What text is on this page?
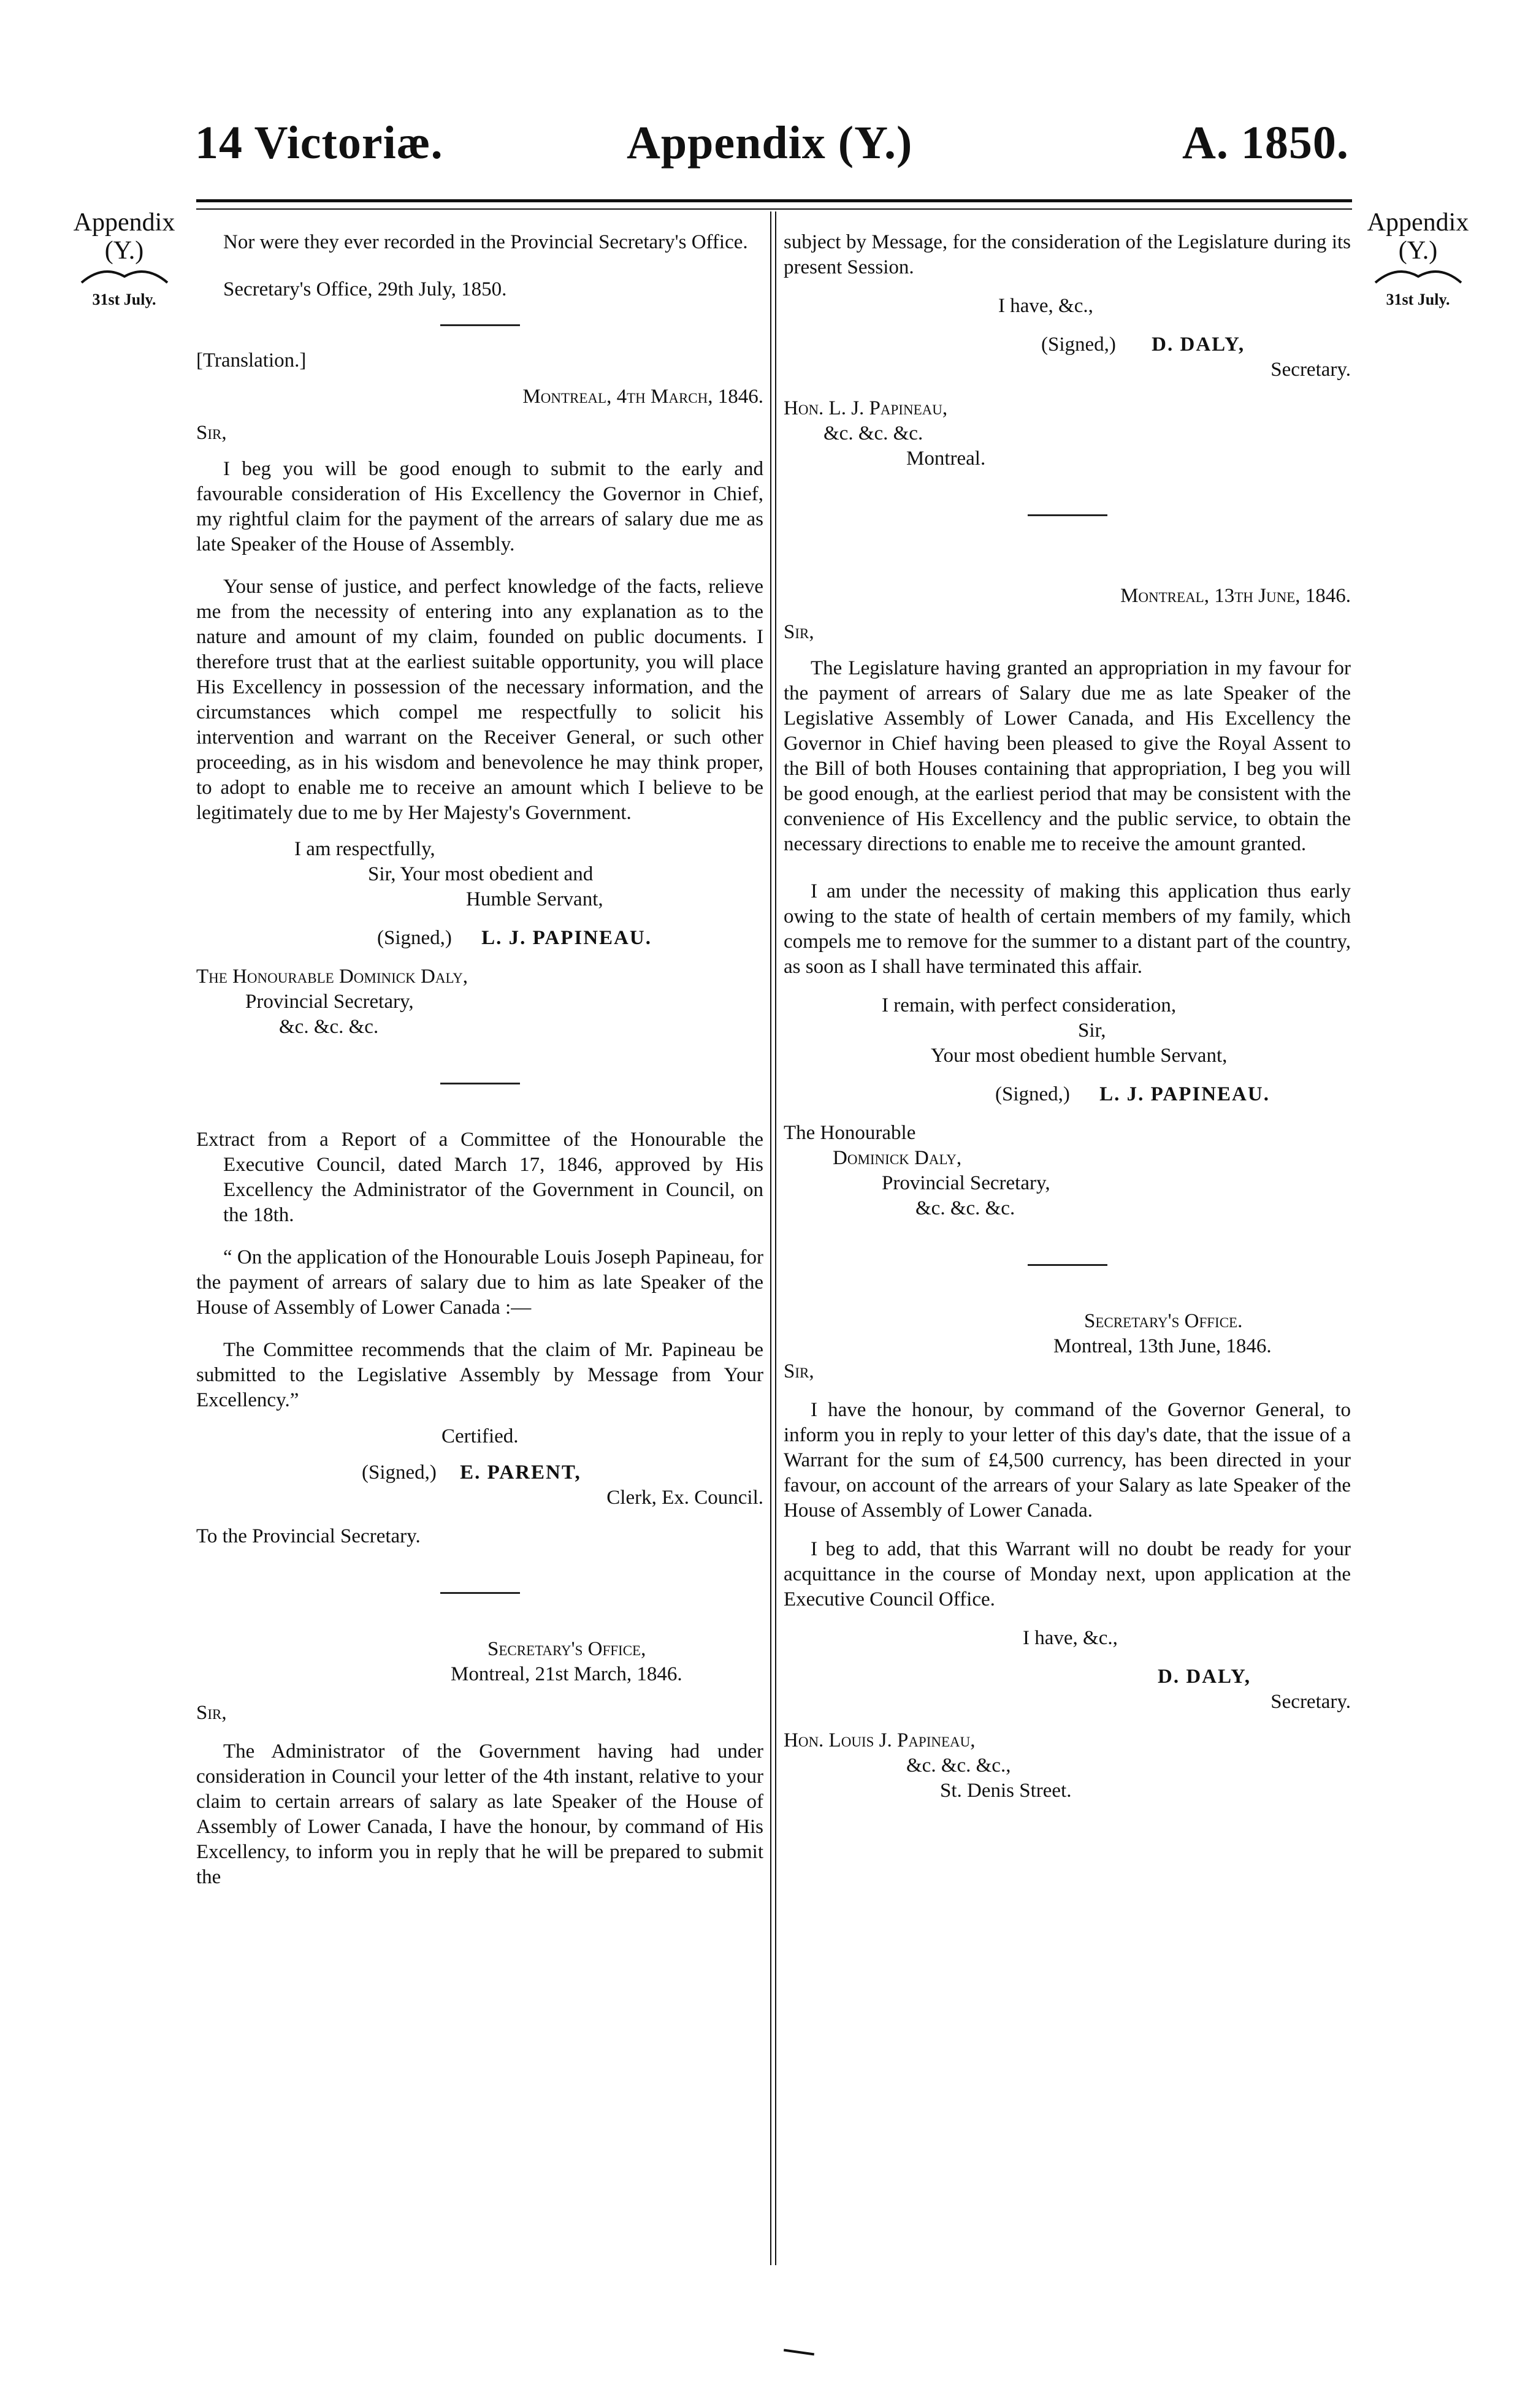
14 Victoriæ.	Appendix (Y.)	A. 1850.
Appendix
(Y.)
31st July.
Appendix
(Y.)
31st July.

Nor were they ever recorded in the Provincial Secretary's Office.

Secretary's Office, 29th July, 1850.

[Translation.]

Montreal, 4th March, 1846.

Sir,

I beg you will be good enough to submit to the early and favourable consideration of His Excellency the Governor in Chief, my rightful claim for the payment of the arrears of salary due me as late Speaker of the House of Assembly.

Your sense of justice, and perfect knowledge of the facts, relieve me from the necessity of entering into any explanation as to the nature and amount of my claim, founded on public documents. I therefore trust that at the earliest suitable opportunity, you will place His Excellency in possession of the necessary information, and the circumstances which compel me respectfully to solicit his intervention and warrant on the Receiver General, or such other proceeding, as in his wisdom and benevolence he may think proper, to adopt to enable me to receive an amount which I believe to be legitimately due to me by Her Majesty's Government.

I am respectfully,

Sir, Your most obedient and

Humble Servant,

(Signed,) L. J. PAPINEAU.

The Honourable Dominick Daly,

Provincial Secretary,

&c. &c. &c.

Extract from a Report of a Committee of the Honourable the Executive Council, dated March 17, 1846, approved by His Excellency the Administrator of the Government in Council, on the 18th.

“ On the application of the Honourable Louis Joseph Papineau, for the payment of arrears of salary due to him as late Speaker of the House of Assembly of Lower Canada :—

The Committee recommends that the claim of Mr. Papineau be submitted to the Legislative Assembly by Message from Your Excellency.”

Certified.

(Signed,) E. PARENT,

Clerk, Ex. Council.

To the Provincial Secretary.

Secretary's Office,

Montreal, 21st March, 1846.

Sir,

The Administrator of the Government having had under consideration in Council your letter of the 4th instant, relative to your claim to certain arrears of salary as late Speaker of the House of Assembly of Lower Canada, I have the honour, by command of His Excellency, to inform you in reply that he will be prepared to submit the

subject by Message, for the consideration of the Legislature during its present Session.

I have, &c.,

(Signed,) D. DALY,

Secretary.

Hon. L. J. Papineau,

&c. &c. &c.

Montreal.

Montreal, 13th June, 1846.

Sir,

The Legislature having granted an appropriation in my favour for the payment of arrears of Salary due me as late Speaker of the Legislative Assembly of Lower Canada, and His Excellency the Governor in Chief having been pleased to give the Royal Assent to the Bill of both Houses containing that appropriation, I beg you will be good enough, at the earliest period that may be consistent with the convenience of His Excellency and the public service, to obtain the necessary directions to enable me to receive the amount granted.

I am under the necessity of making this application thus early owing to the state of health of certain members of my family, which compels me to remove for the summer to a distant part of the country, as soon as I shall have terminated this affair.

I remain, with perfect consideration,

Sir,

Your most obedient humble Servant,

(Signed,) L. J. PAPINEAU.

The Honourable

Dominick Daly,

Provincial Secretary,

&c. &c. &c.

Secretary's Office.

Montreal, 13th June, 1846.

Sir,

I have the honour, by command of the Governor General, to inform you in reply to your letter of this day's date, that the issue of a Warrant for the sum of £4,500 currency, has been directed in your favour, on account of the arrears of your Salary as late Speaker of the House of Assembly of Lower Canada.

I beg to add, that this Warrant will no doubt be ready for your acquittance in the course of Monday next, upon application at the Executive Council Office.

I have, &c.,

D. DALY,

Secretary.

Hon. Louis J. Papineau,

&c. &c. &c.,

St. Denis Street.
